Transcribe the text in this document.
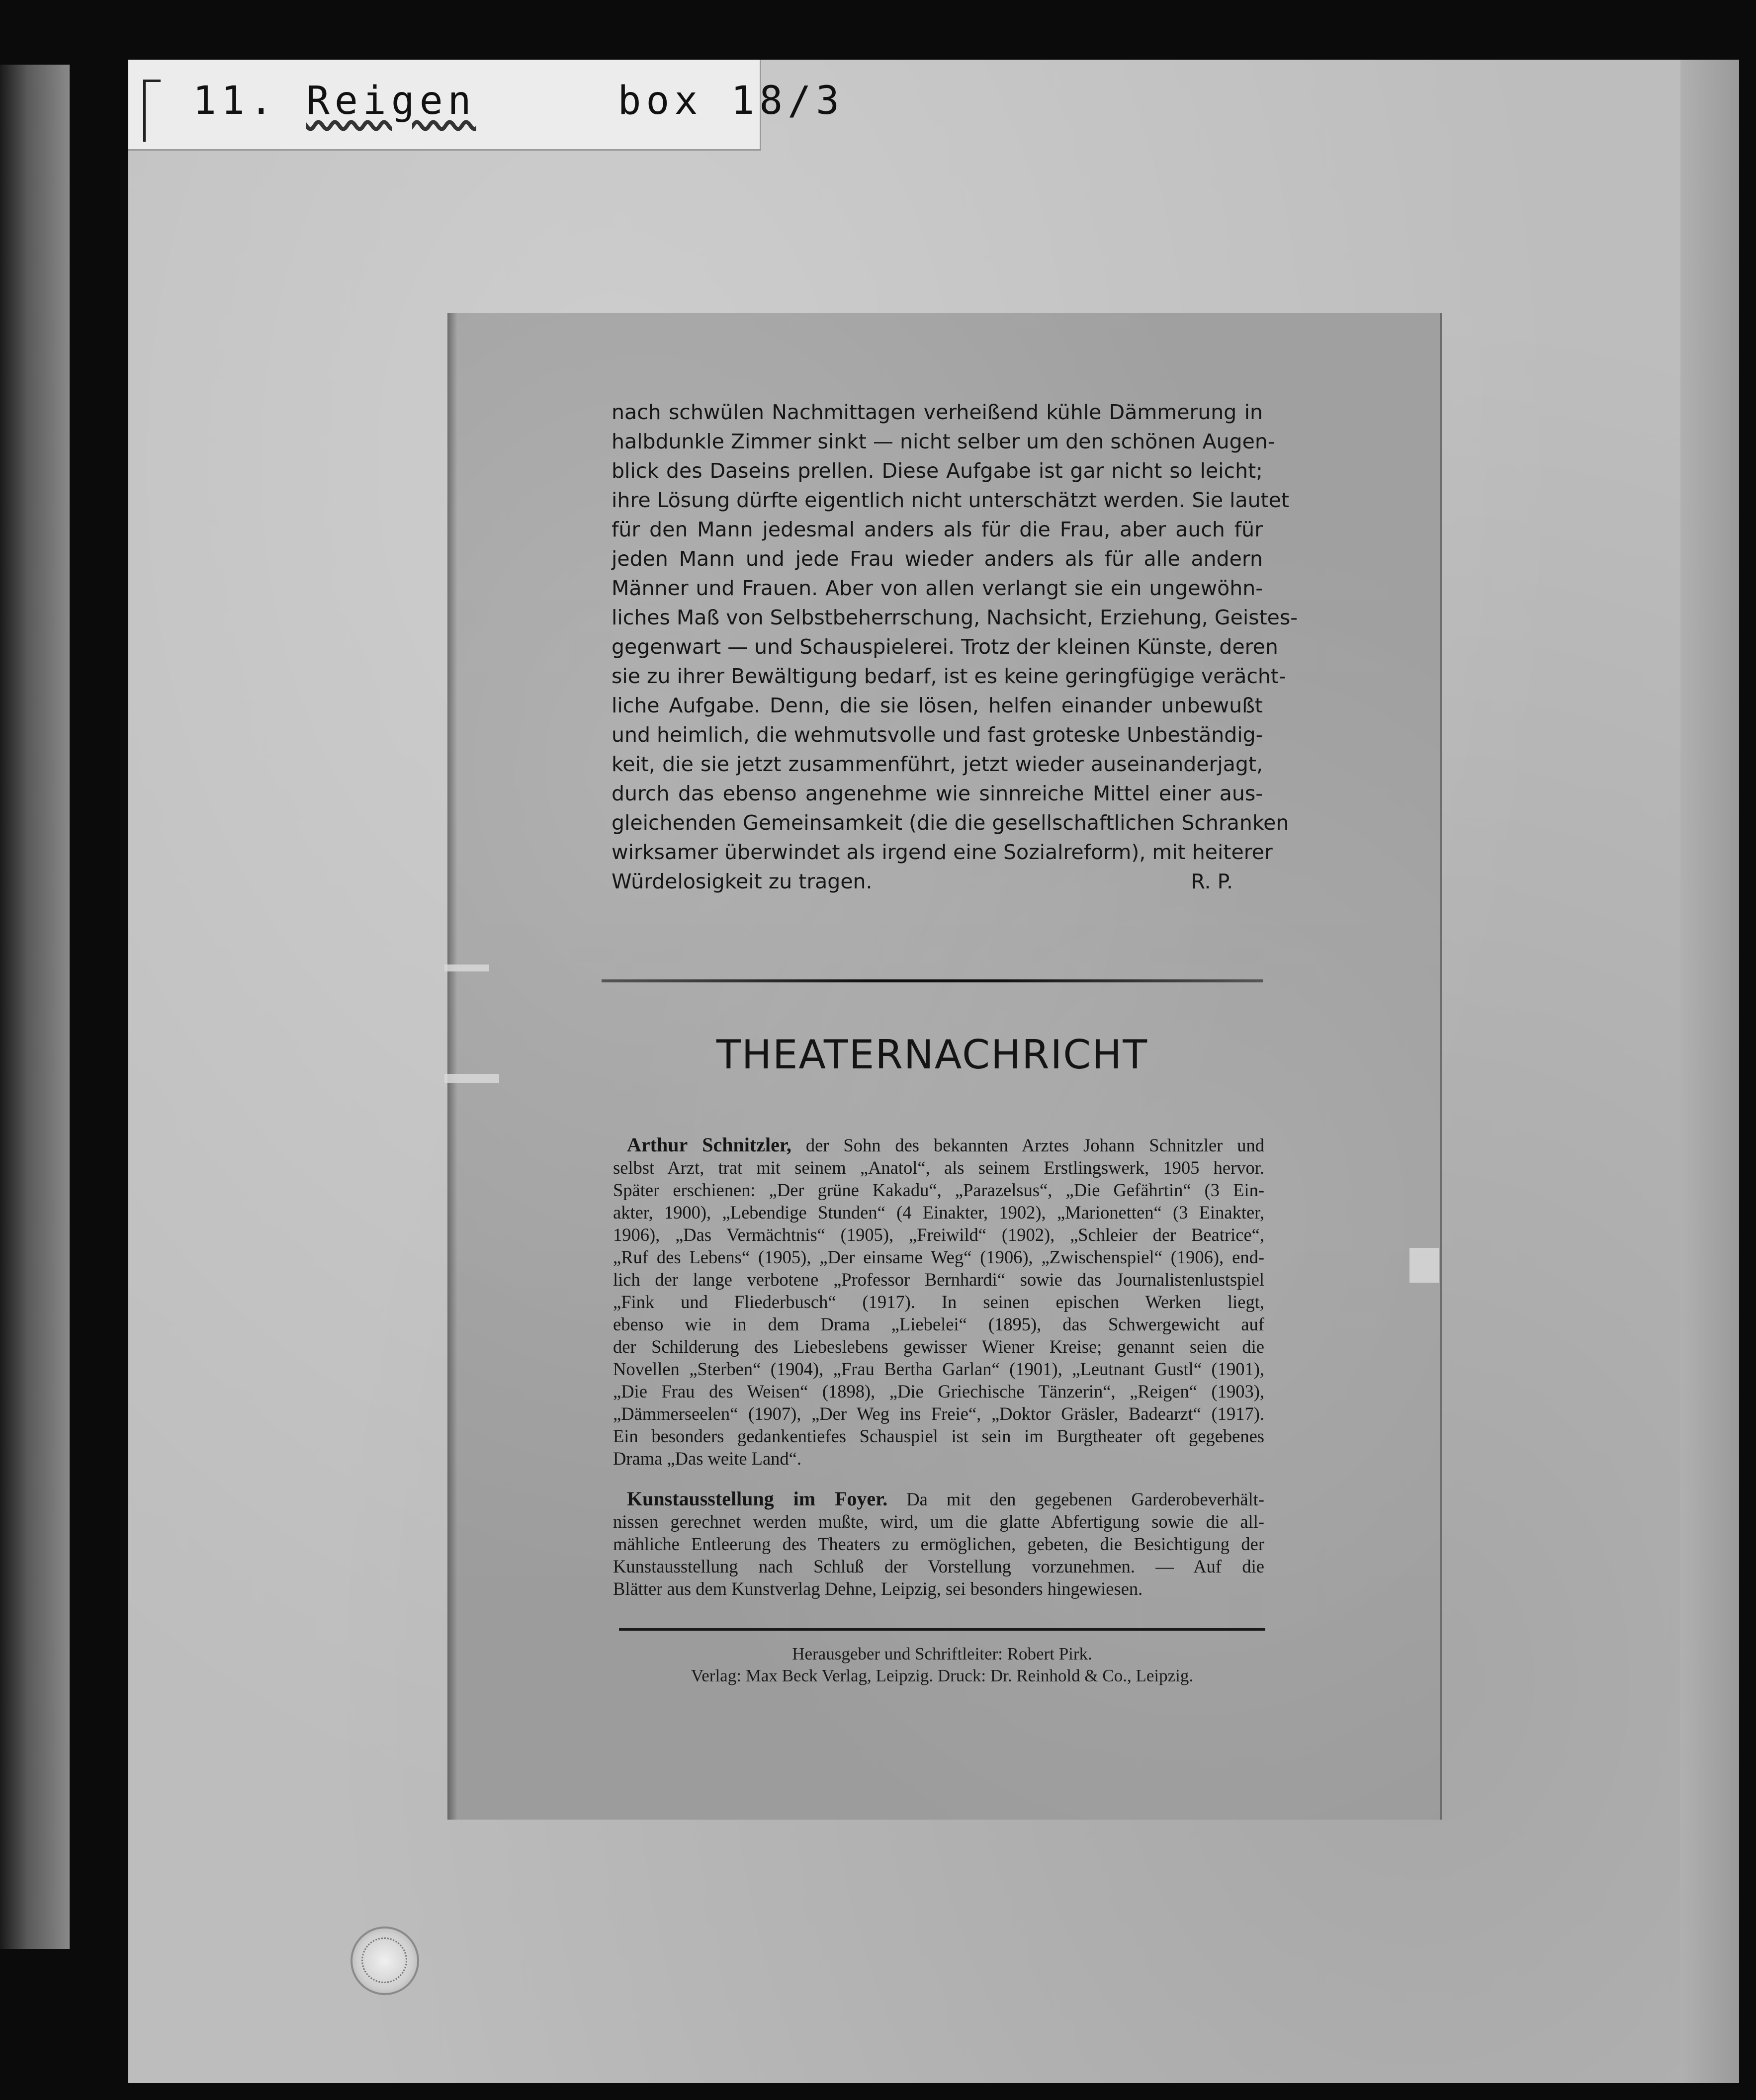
11. Reigen	box 18/3
nach schwülen Nachmittagen verheißend kühle Dämmerung in
halbdunkle Zimmer sinkt — nicht selber um den schönen Augen-
blick des Daseins prellen. Diese Aufgabe ist gar nicht so leicht;
ihre Lösung dürfte eigentlich nicht unterschätzt werden. Sie lautet
für den Mann jedesmal anders als für die Frau, aber auch für
jeden Mann und jede Frau wieder anders als für alle andern
Männer und Frauen. Aber von allen verlangt sie ein ungewöhn-
liches Maß von Selbstbeherrschung, Nachsicht, Erziehung, Geistes-
gegenwart — und Schauspielerei. Trotz der kleinen Künste, deren
sie zu ihrer Bewältigung bedarf, ist es keine geringfügige verächt-
liche Aufgabe. Denn, die sie lösen, helfen einander unbewußt
und heimlich, die wehmutsvolle und fast groteske Unbeständig-
keit, die sie jetzt zusammenführt, jetzt wieder auseinanderjagt,
durch das ebenso angenehme wie sinnreiche Mittel einer aus-
gleichenden Gemeinsamkeit (die die gesellschaftlichen Schranken
wirksamer überwindet als irgend eine Sozialreform), mit heiterer
Würdelosigkeit zu tragen.	R. P.
THEATERNACHRICHT
Arthur Schnitzler, der Sohn des bekannten Arztes Johann Schnitzler und
selbst Arzt, trat mit seinem „Anatol“, als seinem Erstlingswerk, 1905 hervor.
Später erschienen: „Der grüne Kakadu“, „Parazelsus“, „Die Gefährtin“ (3 Ein-
akter, 1900), „Lebendige Stunden“ (4 Einakter, 1902), „Marionetten“ (3 Einakter,
1906), „Das Vermächtnis“ (1905), „Freiwild“ (1902), „Schleier der Beatrice“,
„Ruf des Lebens“ (1905), „Der einsame Weg“ (1906), „Zwischenspiel“ (1906), end-
lich der lange verbotene „Professor Bernhardi“ sowie das Journalistenlustspiel
„Fink und Fliederbusch“ (1917). In seinen epischen Werken liegt,
ebenso wie in dem Drama „Liebelei“ (1895), das Schwergewicht auf
der Schilderung des Liebeslebens gewisser Wiener Kreise; genannt seien die
Novellen „Sterben“ (1904), „Frau Bertha Garlan“ (1901), „Leutnant Gustl“ (1901),
„Die Frau des Weisen“ (1898), „Die Griechische Tänzerin“, „Reigen“ (1903),
„Dämmerseelen“ (1907), „Der Weg ins Freie“, „Doktor Gräsler, Badearzt“ (1917).
Ein besonders gedankentiefes Schauspiel ist sein im Burgtheater oft gegebenes
Drama „Das weite Land“.
Kunstausstellung im Foyer. Da mit den gegebenen Garderobeverhält-
nissen gerechnet werden mußte, wird, um die glatte Abfertigung sowie die all-
mähliche Entleerung des Theaters zu ermöglichen, gebeten, die Besichtigung der
Kunstausstellung nach Schluß der Vorstellung vorzunehmen. — Auf die
Blätter aus dem Kunstverlag Dehne, Leipzig, sei besonders hingewiesen.
Herausgeber und Schriftleiter: Robert Pirk.
Verlag: Max Beck Verlag, Leipzig. Druck: Dr. Reinhold & Co., Leipzig.
